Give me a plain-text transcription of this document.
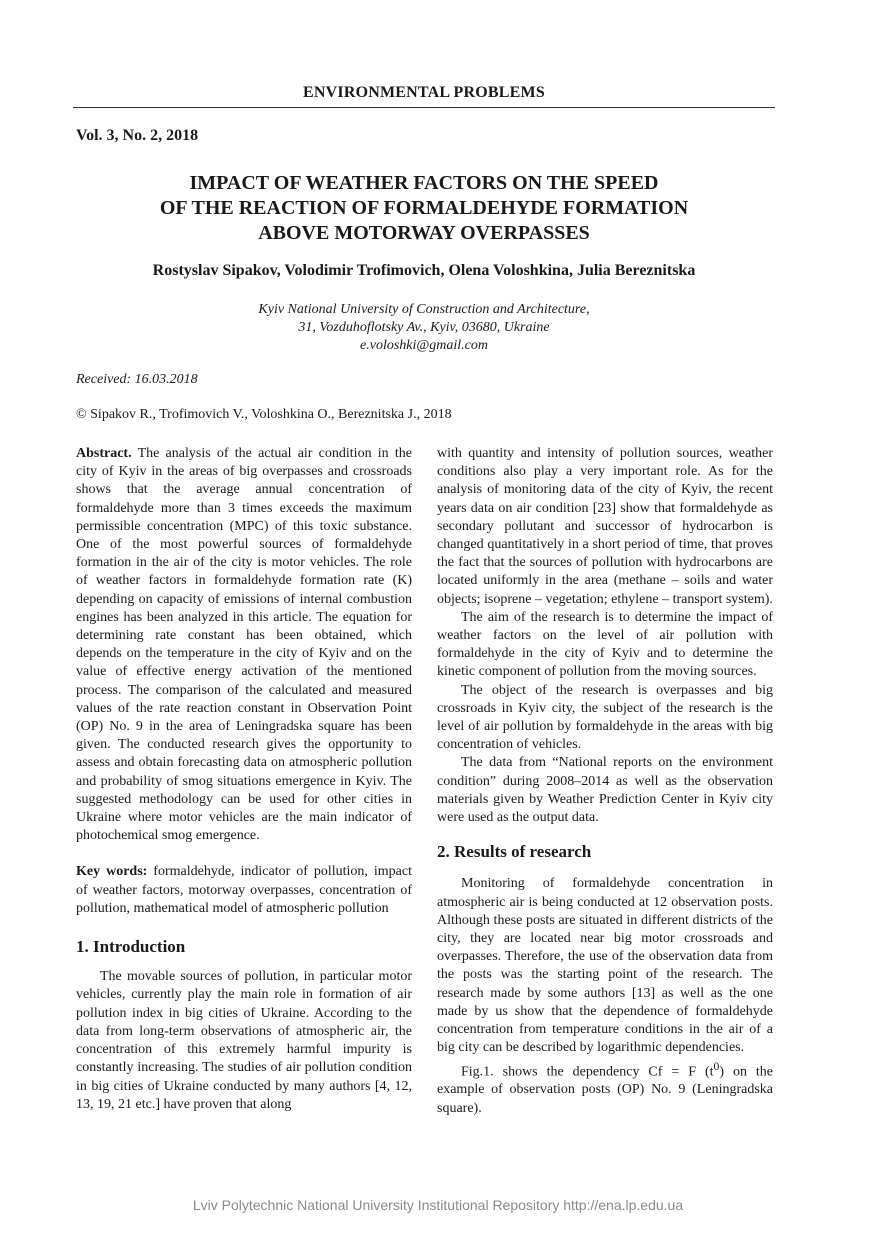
ENVIRONMENTAL PROBLEMS
Vol. 3, No. 2, 2018
IMPACT OF WEATHER FACTORS ON THE SPEED
OF THE REACTION OF FORMALDEHYDE FORMATION
ABOVE MOTORWAY OVERPASSES
Rostyslav Sipakov, Volodimir Trofimovich, Olena Voloshkina, Julia Bereznitska
Kyiv National University of Construction and Architecture,
31, Vozduhoflotsky Av., Kyiv, 03680, Ukraine
e.voloshki@gmail.com
Received: 16.03.2018
© Sipakov R., Trofimovich V., Voloshkina O., Bereznitska J., 2018

Abstract. The analysis of the actual air condition in the city of Kyiv in the areas of big overpasses and crossroads shows that the average annual concentration of formaldehyde more than 3 times exceeds the maximum permissible concentration (MPC) of this toxic substance. One of the most powerful sources of formaldehyde formation in the air of the city is motor vehicles. The role of weather factors in formaldehyde formation rate (K) depending on capacity of emissions of internal combustion engines has been analyzed in this article. The equation for determining rate constant has been obtained, which depends on the temperature in the city of Kyiv and on the value of effective energy activation of the mentioned process. The comparison of the calculated and measured values of the rate reaction constant in Observation Point (OP) No. 9 in the area of Leningradska square has been given. The conducted research gives the opportunity to assess and obtain forecasting data on atmospheric pollution and probability of smog situations emergence in Kyiv. The suggested methodology can be used for other cities in Ukraine where motor vehicles are the main indicator of photochemical smog emergence.

Key words: formaldehyde, indicator of pollution, impact of weather factors, motorway overpasses, concentration of pollution, mathematical model of atmospheric pollution

1. Introduction

The movable sources of pollution, in particular motor vehicles, currently play the main role in formation of air pollution index in big cities of Ukraine. According to the data from long-term observations of atmospheric air, the concentration of this extremely harmful impurity is constantly increasing. The studies of air pollution condition in big cities of Ukraine conducted by many authors [4, 12, 13, 19, 21 etc.] have proven that along

with quantity and intensity of pollution sources, weather conditions also play a very important role. As for the analysis of monitoring data of the city of Kyiv, the recent years data on air condition [23] show that formaldehyde as secondary pollutant and successor of hydrocarbon is changed quantitatively in a short period of time, that proves the fact that the sources of pollution with hydrocarbons are located uniformly in the area (methane – soils and water objects; isoprene – vegetation; ethylene – transport system).

The aim of the research is to determine the impact of weather factors on the level of air pollution with formaldehyde in the city of Kyiv and to determine the kinetic component of pollution from the moving sources.

The object of the research is overpasses and big crossroads in Kyiv city, the subject of the research is the level of air pollution by formaldehyde in the areas with big concentration of vehicles.

The data from “National reports on the environment condition” during 2008–2014 as well as the observation materials given by Weather Prediction Center in Kyiv city were used as the output data.

2. Results of research

Monitoring of formaldehyde concentration in atmospheric air is being conducted at 12 observation posts. Although these posts are situated in different districts of the city, they are located near big motor crossroads and overpasses. Therefore, the use of the observation data from the posts was the starting point of the research. The research made by some authors [13] as well as the one made by us show that the dependence of formaldehyde concentration from temperature conditions in the air of a big city can be described by logarithmic dependencies.

Fig.1. shows the dependency Cf = F $(t^0)$ on the example of observation posts (OP) No. 9 (Leningradska square).

Lviv Polytechnic National University Institutional Repository http://ena.lp.edu.ua
